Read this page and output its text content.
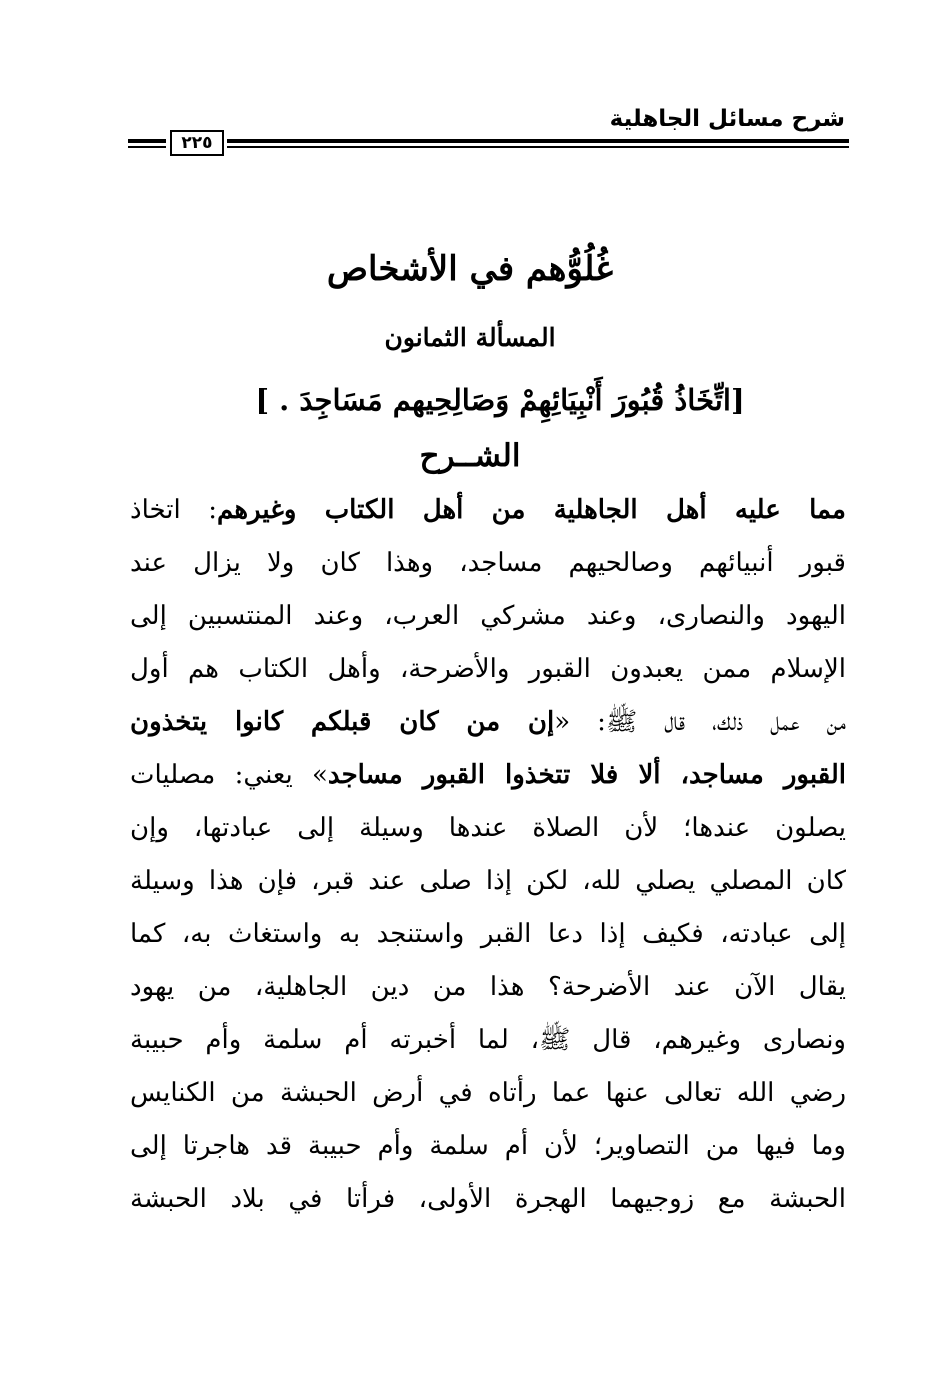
شرح مسائل الجاهلية
٢٢٥
غُلُوُّهم في الأشخاص
المسألة الثمانون
[اتِّخَاذُ قُبُورَ أَنْبِيَائِهِمْ وَصَالِحِيهم مَسَاجِدَ . ]
الشــرح
مما عليه أهل الجاهلية من أهل الكتاب وغيرهم: اتخاذ
قبور أنبيائهم وصالحيهم مساجد، وهذا كان ولا يزال عند
اليهود والنصارى، وعند مشركي العرب، وعند المنتسبين إلى
الإسلام ممن يعبدون القبور والأضرحة، وأهل الكتاب هم أول
من عمل ذلك، قال ﷺ: «إن من كان قبلكم كانوا يتخذون
القبور مساجد، ألا فلا تتخذوا القبور مساجد» يعني: مصليات
يصلون عندها؛ لأن الصلاة عندها وسيلة إلى عبادتها، وإن
كان المصلي يصلي لله، لكن إذا صلى عند قبر، فإن هذا وسيلة
إلى عبادته، فكيف إذا دعا القبر واستنجد به واستغاث به، كما
يقال الآن عند الأضرحة؟ هذا من دين الجاهلية، من يهود
ونصارى وغيرهم، قال ﷺ، لما أخبرته أم سلمة وأم حبيبة
رضي الله تعالى عنها عما رأتاه في أرض الحبشة من الكنايس
وما فيها من التصاوير؛ لأن أم سلمة وأم حبيبة قد هاجرتا إلى
الحبشة مع زوجيهما الهجرة الأولى، فرأتا في بلاد الحبشة
